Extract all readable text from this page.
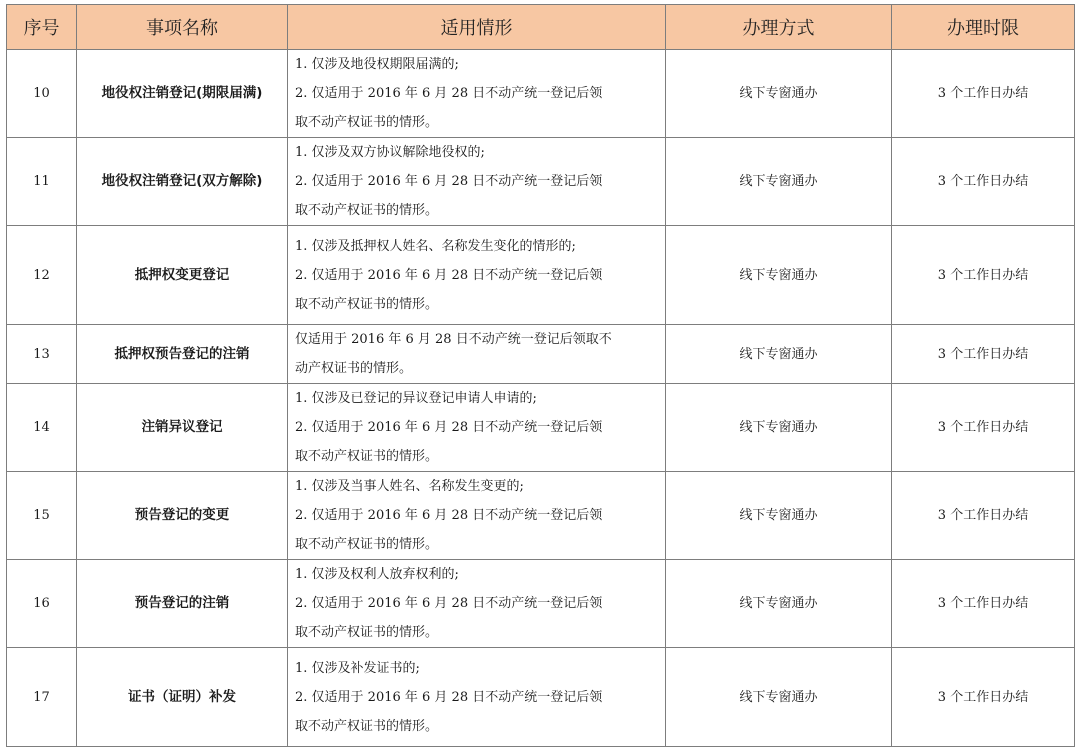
序号	事项名称	适用情形	办理方式	办理时限
10	地役权注销登记(期限届满)	1. 仅涉及地役权期限届满的;
2. 仅适用于 2016 年 6 月 28 日不动产统一登记后领
取不动产权证书的情形。	线下专窗通办	3 个工作日办结
11	地役权注销登记(双方解除)	1. 仅涉及双方协议解除地役权的;
2. 仅适用于 2016 年 6 月 28 日不动产统一登记后领
取不动产权证书的情形。	线下专窗通办	3 个工作日办结
12	抵押权变更登记	1. 仅涉及抵押权人姓名、名称发生变化的情形的;
2. 仅适用于 2016 年 6 月 28 日不动产统一登记后领
取不动产权证书的情形。	线下专窗通办	3 个工作日办结
13	抵押权预告登记的注销	仅适用于 2016 年 6 月 28 日不动产统一登记后领取不
动产权证书的情形。	线下专窗通办	3 个工作日办结
14	注销异议登记	1. 仅涉及已登记的异议登记申请人申请的;
2. 仅适用于 2016 年 6 月 28 日不动产统一登记后领
取不动产权证书的情形。	线下专窗通办	3 个工作日办结
15	预告登记的变更	1. 仅涉及当事人姓名、名称发生变更的;
2. 仅适用于 2016 年 6 月 28 日不动产统一登记后领
取不动产权证书的情形。	线下专窗通办	3 个工作日办结
16	预告登记的注销	1. 仅涉及权利人放弃权利的;
2. 仅适用于 2016 年 6 月 28 日不动产统一登记后领
取不动产权证书的情形。	线下专窗通办	3 个工作日办结
17	证书（证明）补发	1. 仅涉及补发证书的;
2. 仅适用于 2016 年 6 月 28 日不动产统一登记后领
取不动产权证书的情形。	线下专窗通办	3 个工作日办结
